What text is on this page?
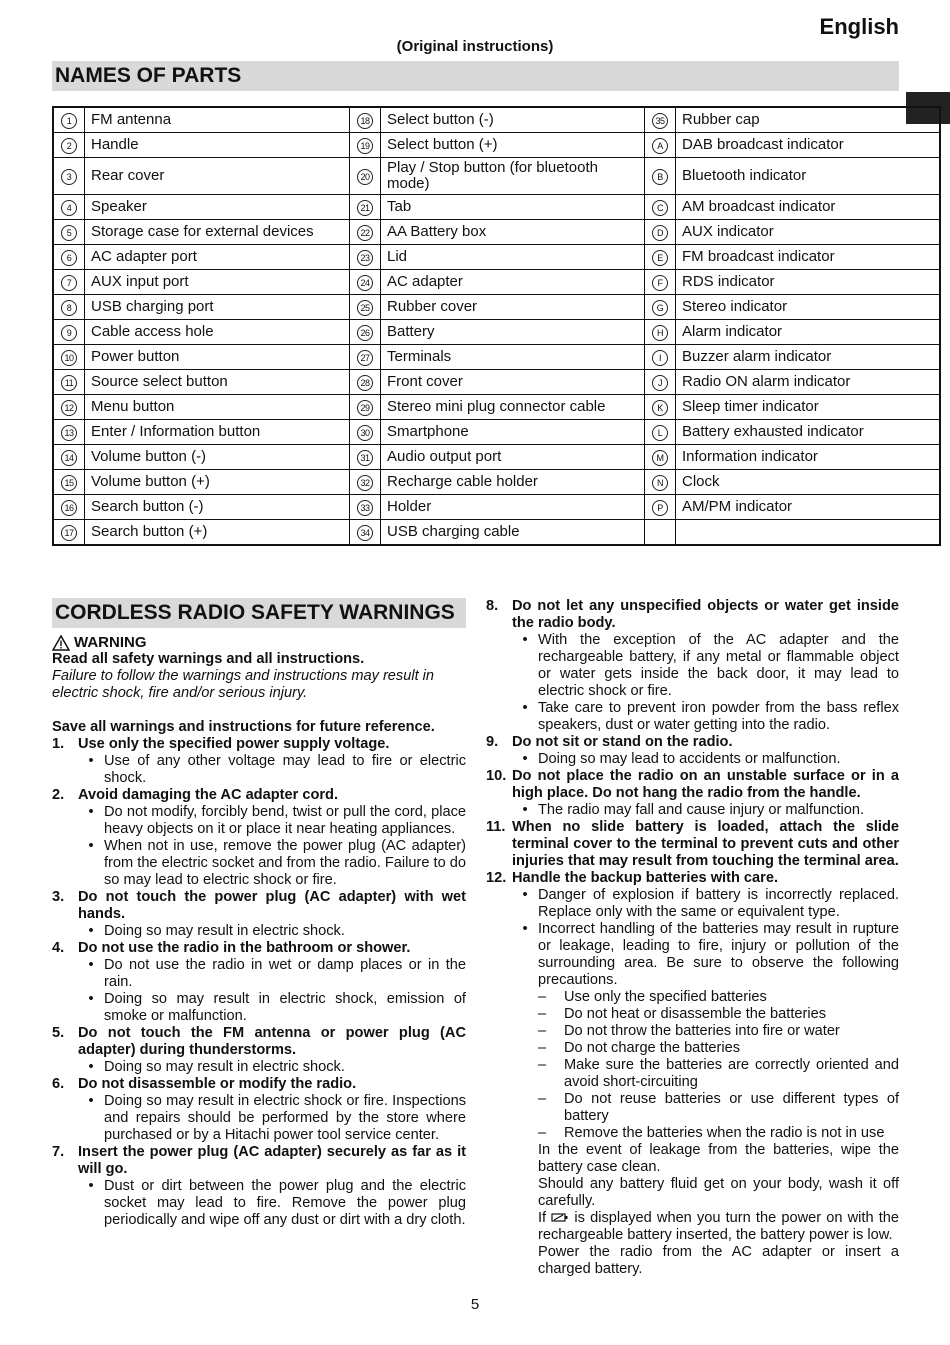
English
(Original instructions)
NAMES OF PARTS
1	FM antenna	18	Select button (-)	35	Rubber cap
2	Handle	19	Select button (+)	A	DAB broadcast indicator
3	Rear cover	20	Play / Stop button (for bluetooth mode)	B	Bluetooth indicator
4	Speaker	21	Tab	C	AM broadcast indicator
5	Storage case for external devices	22	AA Battery box	D	AUX indicator
6	AC adapter port	23	Lid	E	FM broadcast indicator
7	AUX input port	24	AC adapter	F	RDS indicator
8	USB charging port	25	Rubber cover	G	Stereo indicator
9	Cable access hole	26	Battery	H	Alarm indicator
10	Power button	27	Terminals	I	Buzzer alarm indicator
11	Source select button	28	Front cover	J	Radio ON alarm indicator
12	Menu button	29	Stereo mini plug connector cable	K	Sleep timer indicator
13	Enter / Information button	30	Smartphone	L	Battery exhausted indicator
14	Volume button (-)	31	Audio output port	M	Information indicator
15	Volume button (+)	32	Recharge cable holder	N	Clock
16	Search button (-)	33	Holder	P	AM/PM indicator
17	Search button (+)	34	USB charging cable		
CORDLESS RADIO SAFETY WARNINGS
WARNING
Read all safety warnings and all instructions.
Failure to follow the warnings and instructions may result in electric shock, fire and/or serious injury.
Save all warnings and instructions for future reference.
1. Use only the specified power supply voltage.
• Use of any other voltage may lead to fire or electric shock.
2. Avoid damaging the AC adapter cord.
• Do not modify, forcibly bend, twist or pull the cord, place heavy objects on it or place it near heating appliances.
• When not in use, remove the power plug (AC adapter) from the electric socket and from the radio. Failure to do so may lead to electric shock or fire.
3. Do not touch the power plug (AC adapter) with wet hands.
• Doing so may result in electric shock.
4. Do not use the radio in the bathroom or shower.
• Do not use the radio in wet or damp places or in the rain.
• Doing so may result in electric shock, emission of smoke or malfunction.
5. Do not touch the FM antenna or power plug (AC adapter) during thunderstorms.
• Doing so may result in electric shock.
6. Do not disassemble or modify the radio.
• Doing so may result in electric shock or fire. Inspections and repairs should be performed by the store where purchased or by a Hitachi power tool service center.
7. Insert the power plug (AC adapter) securely as far as it will go.
• Dust or dirt between the power plug and the electric socket may lead to fire. Remove the power plug periodically and wipe off any dust or dirt with a dry cloth.
8. Do not let any unspecified objects or water get inside the radio body.
• With the exception of the AC adapter and the rechargeable battery, if any metal or flammable object or water gets inside the back door, it may lead to electric shock or fire.
• Take care to prevent iron powder from the bass reflex speakers, dust or water getting into the radio.
9. Do not sit or stand on the radio.
• Doing so may lead to accidents or malfunction.
10. Do not place the radio on an unstable surface or in a high place. Do not hang the radio from the handle.
• The radio may fall and cause injury or malfunction.
11. When no slide battery is loaded, attach the slide terminal cover to the terminal to prevent cuts and other injuries that may result from touching the terminal area.
12. Handle the backup batteries with care.
• Danger of explosion if battery is incorrectly replaced. Replace only with the same or equivalent type.
• Incorrect handling of the batteries may result in rupture or leakage, leading to fire, injury or pollution of the surrounding area. Be sure to observe the following precautions.
–	Use only the specified batteries
–	Do not heat or disassemble the batteries
–	Do not throw the batteries into fire or water
–	Do not charge the batteries
–	Make sure the batteries are correctly oriented and avoid short-circuiting
–	Do not reuse batteries or use different types of battery
–	Remove the batteries when the radio is not in use
In the event of leakage from the batteries, wipe the battery case clean.
Should any battery fluid get on your body, wash it off carefully.
If is displayed when you turn the power on with the rechargeable battery inserted, the battery power is low.
Power the radio from the AC adapter or insert a charged battery.
5
